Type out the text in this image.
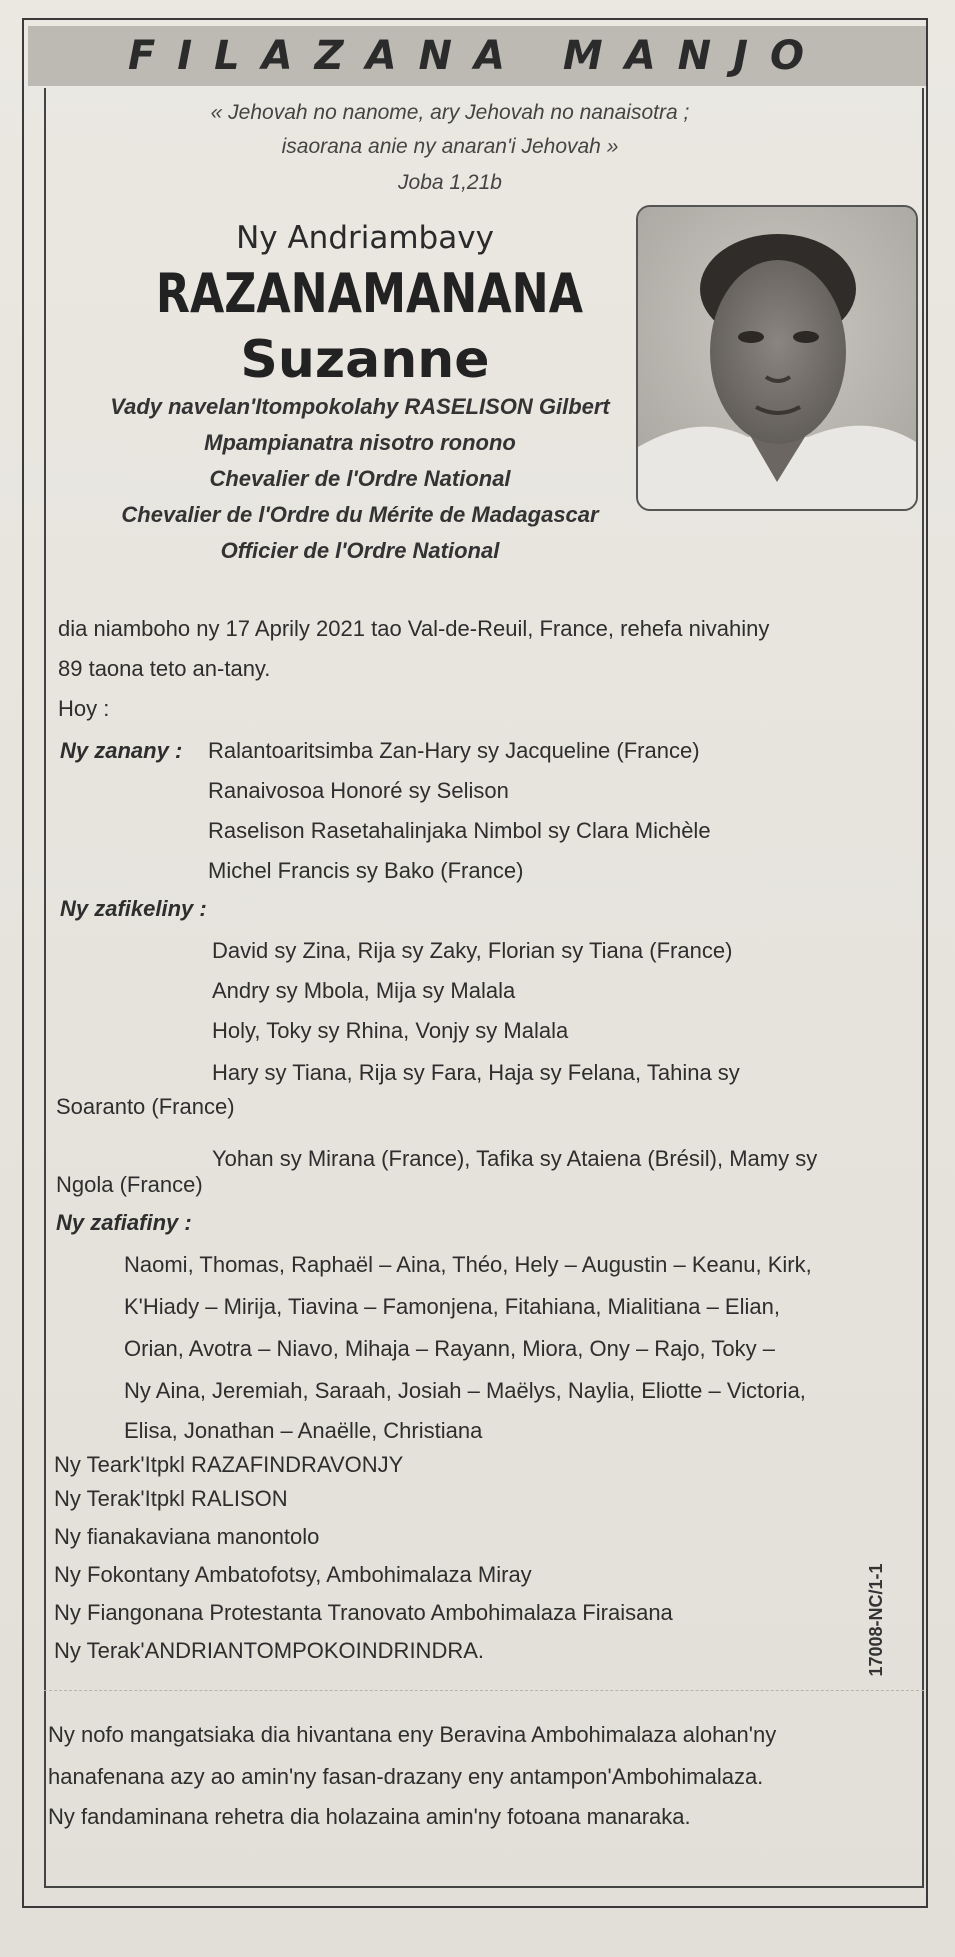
FILAZANA MANJO
« Jehovah no nanome, ary Jehovah no nanaisotra ;
isaorana anie ny anaran'i Jehovah »
Joba 1,21b
Ny Andriambavy
RAZANAMANANA
Suzanne
Vady navelan'Itompokolahy RASELISON Gilbert
Mpampianatra nisotro ronono
Chevalier de l'Ordre National
Chevalier de l'Ordre du Mérite de Madagascar
Officier de l'Ordre National
dia niamboho ny 17 Aprily 2021 tao Val-de-Reuil, France, rehefa nivahiny
89 taona teto an-tany.
Hoy :
Ny zanany : Ralantoaritsimba Zan-Hary sy Jacqueline (France)
Ranaivosoa Honoré sy Selison
Raselison Rasetahalinjaka Nimbol sy Clara Michèle
Michel Francis sy Bako (France)
Ny zafikeliny :
David sy Zina, Rija sy Zaky, Florian sy Tiana (France)
Andry sy Mbola, Mija sy Malala
Holy, Toky sy Rhina, Vonjy sy Malala
Hary sy Tiana, Rija sy Fara, Haja sy Felana, Tahina sy
Soaranto (France)
Yohan sy Mirana (France), Tafika sy Ataiena (Brésil), Mamy sy
Ngola (France)
Ny zafiafiny :
Naomi, Thomas, Raphaël – Aina, Théo, Hely – Augustin – Keanu, Kirk,
K'Hiady – Mirija, Tiavina – Famonjena, Fitahiana, Mialitiana – Elian,
Orian, Avotra – Niavo, Mihaja – Rayann, Miora, Ony – Rajo, Toky –
Ny Aina, Jeremiah, Saraah, Josiah – Maëlys, Naylia, Eliotte – Victoria,
Elisa, Jonathan – Anaëlle, Christiana
Ny Teark'Itpkl RAZAFINDRAVONJY
Ny Terak'Itpkl RALISON
Ny fianakaviana manontolo
Ny Fokontany Ambatofotsy, Ambohimalaza Miray
Ny Fiangonana Protestanta Tranovato Ambohimalaza Firaisana
Ny Terak'ANDRIANTOMPOKOINDRINDRA.	17008-NC/1-1
Ny nofo mangatsiaka dia hivantana eny Beravina Ambohimalaza alohan'ny
hanafenana azy ao amin'ny fasan-drazany eny antampon'Ambohimalaza.
Ny fandaminana rehetra dia holazaina amin'ny fotoana manaraka.
